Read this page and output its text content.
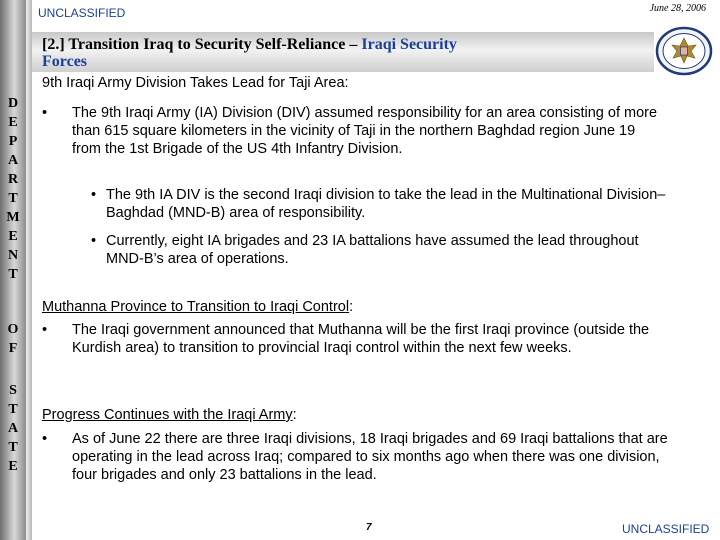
D
E
P
A
R
T
M
E
N
T
O
F
S
T
A
T
E
UNCLASSIFIED	June 28, 2006
[2.] Transition Iraq to Security Self-Reliance – Iraqi Security
Forces
9th Iraqi Army Division Takes Lead for Taji Area:
• The 9th Iraqi Army (IA) Division (DIV) assumed responsibility for an area consisting of more than 615 square kilometers in the vicinity of Taji in the northern Baghdad region June 19 from the 1st Brigade of the US 4th Infantry Division.
• The 9th IA DIV is the second Iraqi division to take the lead in the Multinational Division–Baghdad (MND-B) area of responsibility.
• Currently, eight IA brigades and 23 IA battalions have assumed the lead throughout MND-B’s area of operations.
Muthanna Province to Transition to Iraqi Control:
• The Iraqi government announced that Muthanna will be the first Iraqi province (outside the Kurdish area) to transition to provincial Iraqi control within the next few weeks.
Progress Continues with the Iraqi Army:
• As of June 22 there are three Iraqi divisions, 18 Iraqi brigades and 69 Iraqi battalions that are operating in the lead across Iraq; compared to six months ago when there was one division, four brigades and only 23 battalions in the lead.
7	UNCLASSIFIED
